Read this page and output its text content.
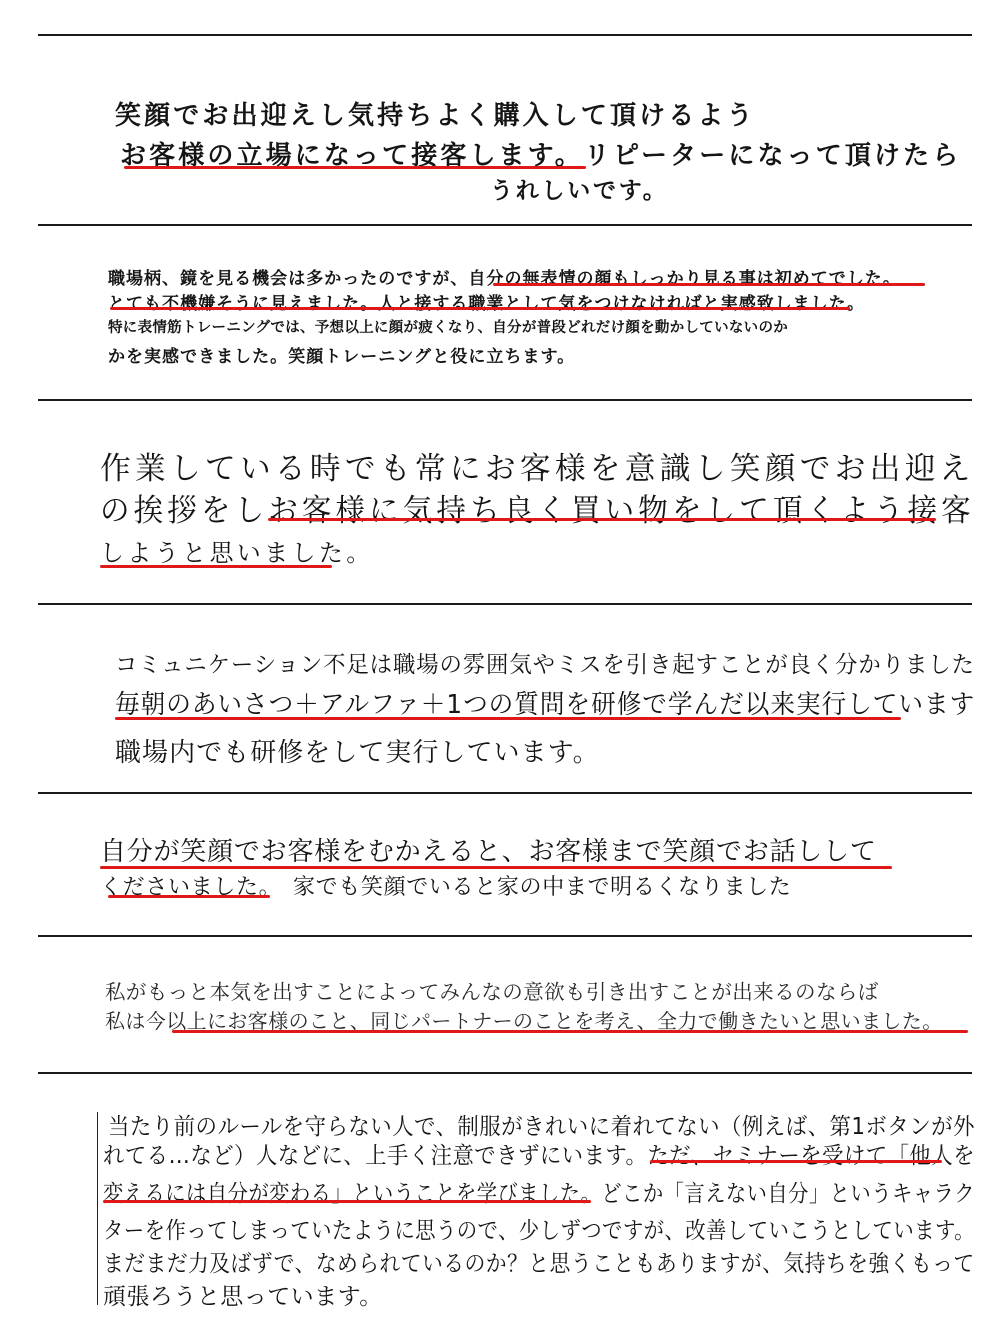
笑顔でお出迎えし気持ちよく購入して頂けるよう
お客様の立場になって接客します。リピーターになって頂けたら
うれしいです。
職場柄、鏡を見る機会は多かったのですが、自分の無表情の顔もしっかり見る事は初めてでした。
とても不機嫌そうに見えました。人と接する職業として気をつけなければと実感致しました。
特に表情筋トレーニングでは、予想以上に顔が疲くなり、自分が普段どれだけ顔を動かしていないのか
かを実感できました。笑顔トレーニングと役に立ちます。
作業している時でも常にお客様を意識し笑顔でお出迎え
の挨拶をしお客様に気持ち良く買い物をして頂くよう接客
しようと思いました。
コミュニケーション不足は職場の雰囲気やミスを引き起すことが良く分かりました
毎朝のあいさつ＋アルファ＋1つの質問を研修で学んだ以来実行しています
職場内でも研修をして実行しています。
自分が笑顔でお客様をむかえると、お客様まで笑顔でお話しして
くださいました。　家でも笑顔でいると家の中まで明るくなりました
私がもっと本気を出すことによってみんなの意欲も引き出すことが出来るのならば
私は今以上にお客様のこと、同じパートナーのことを考え、全力で働きたいと思いました。
当たり前のルールを守らない人で、制服がきれいに着れてない（例えば、第1ボタンが外
れてる…など）人などに、上手く注意できずにいます。ただ、セミナーを受けて「他人を
変えるには自分が変わる」ということを学びました。どこか「言えない自分」というキャラク
ターを作ってしまっていたように思うので、少しずつですが、改善していこうとしています。
まだまだ力及ばずで、なめられているのか？と思うこともありますが、気持ちを強くもって
頑張ろうと思っています。
